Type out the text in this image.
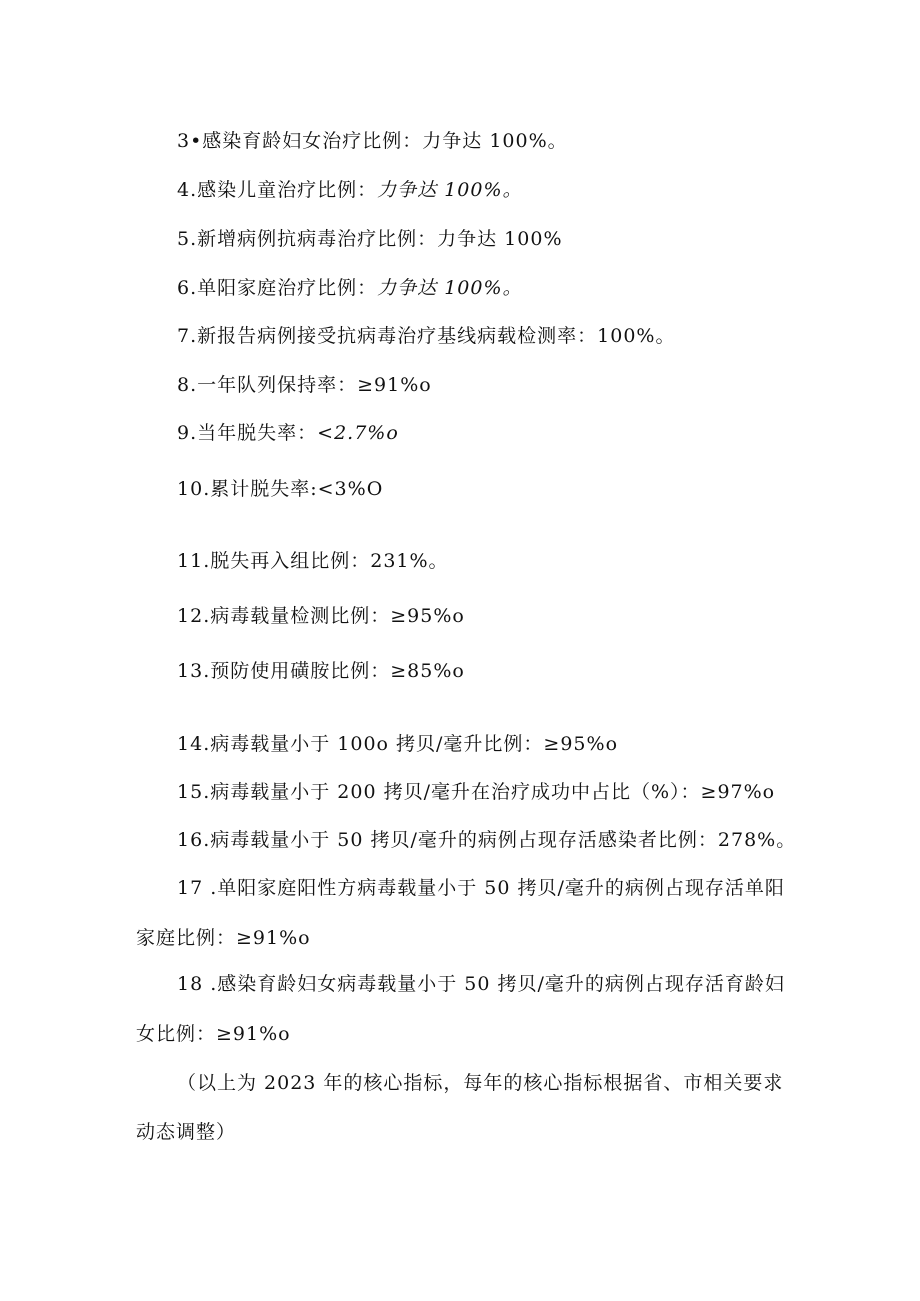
3•感染育龄妇女治疗比例：力争达 100%。
4.感染儿童治疗比例：力争达 100%。
5.新增病例抗病毒治疗比例：力争达 100%
6.单阳家庭治疗比例：力争达 100%。
7.新报告病例接受抗病毒治疗基线病载检测率：100%。
8.一年队列保持率：≥91%o
9.当年脱失率：<2.7%o
10.累计脱失率:<3%O
11.脱失再入组比例：231%。
12.病毒载量检测比例：≥95%o
13.预防使用磺胺比例：≥85%o
14.病毒载量小于 100o 拷贝/毫升比例：≥95%o
15.病毒载量小于 200 拷贝/毫升在治疗成功中占比（%）：≥97%o
16.病毒载量小于 50 拷贝/毫升的病例占现存活感染者比例：278%。
17 .单阳家庭阳性方病毒载量小于 50 拷贝/毫升的病例占现存活单阳
家庭比例：≥91%o
18 .感染育龄妇女病毒载量小于 50 拷贝/毫升的病例占现存活育龄妇
女比例：≥91%o
（以上为 2023 年的核心指标，每年的核心指标根据省、市相关要求
动态调整）
